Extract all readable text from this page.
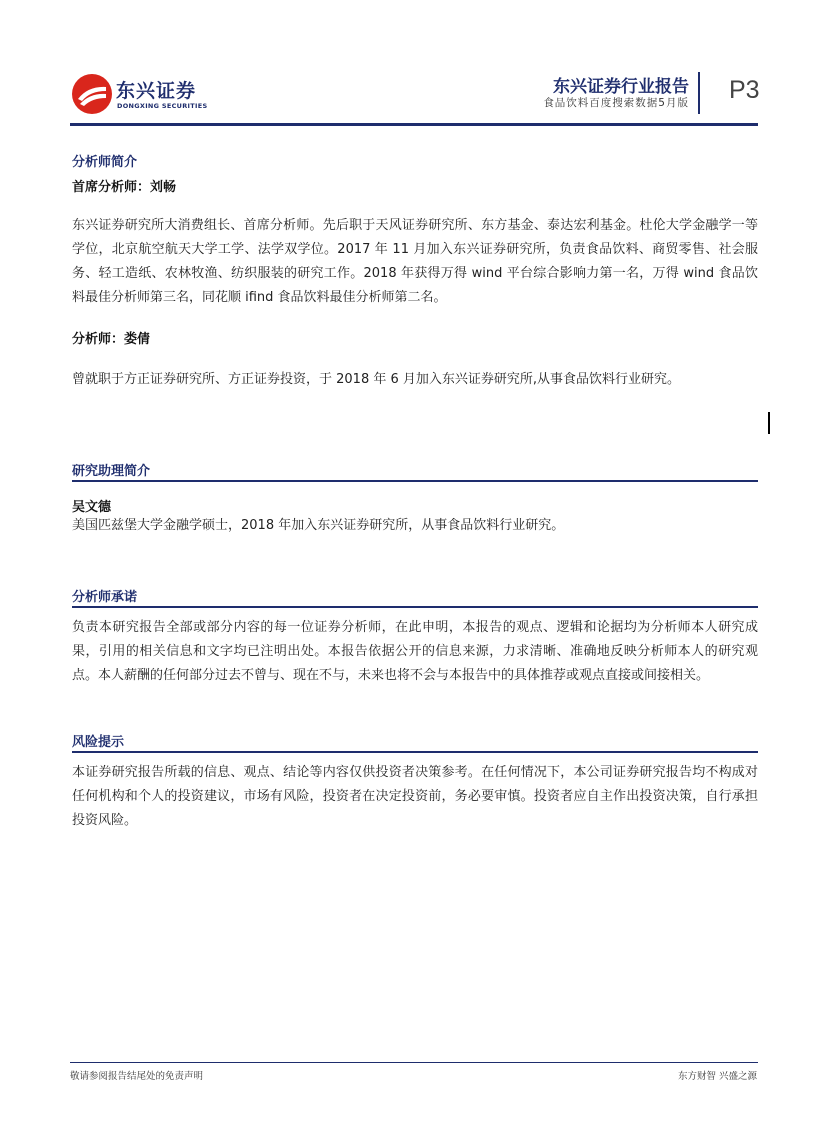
东兴证券
DONGXING SECURITIES
东兴证券行业报告
食品饮料百度搜索数据5月版 P3
分析师简介
首席分析师：刘畅

东兴证券研究所大消费组长、首席分析师。先后职于天风证券研究所、东方基金、泰达宏利基金。杜伦大学金融学一等学位，北京航空航天大学工学、法学双学位。2017 年 11 月加入东兴证券研究所，负责食品饮料、商贸零售、社会服务、轻工造纸、农林牧渔、纺织服装的研究工作。2018 年获得万得 wind 平台综合影响力第一名，万得 wind 食品饮料最佳分析师第三名，同花顺 ifind 食品饮料最佳分析师第二名。

分析师：娄倩

曾就职于方正证券研究所、方正证券投资，于 2018 年 6 月加入东兴证券研究所,从事食品饮料行业研究。

研究助理简介
吴文德

美国匹兹堡大学金融学硕士，2018 年加入东兴证券研究所，从事食品饮料行业研究。

分析师承诺

负责本研究报告全部或部分内容的每一位证券分析师，在此申明，本报告的观点、逻辑和论据均为分析师本人研究成果，引用的相关信息和文字均已注明出处。本报告依据公开的信息来源，力求清晰、准确地反映分析师本人的研究观点。本人薪酬的任何部分过去不曾与、现在不与，未来也将不会与本报告中的具体推荐或观点直接或间接相关。

风险提示

本证券研究报告所载的信息、观点、结论等内容仅供投资者决策参考。在任何情况下，本公司证券研究报告均不构成对任何机构和个人的投资建议，市场有风险，投资者在决定投资前，务必要审慎。投资者应自主作出投资决策，自行承担投资风险。

敬请参阅报告结尾处的免责声明	东方财智 兴盛之源
